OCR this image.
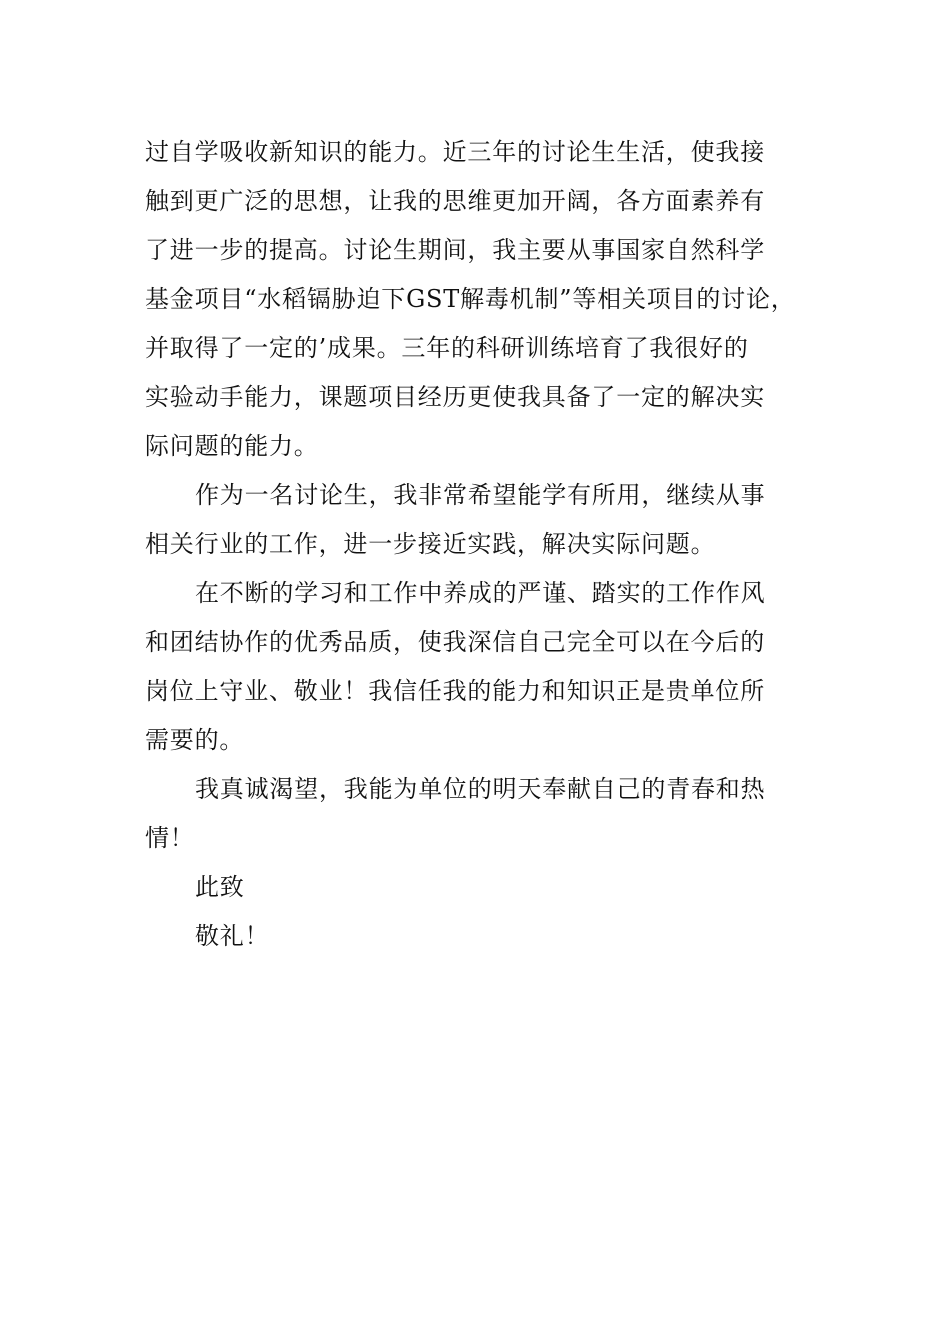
过自学吸收新知识的能力。近三年的讨论生生活，使我接
触到更广泛的思想，让我的思维更加开阔，各方面素养有
了进一步的提高。讨论生期间，我主要从事国家自然科学
基金项目“水稻镉胁迫下GST解毒机制”等相关项目的讨论，
并取得了一定的’成果。三年的科研训练培育了我很好的
实验动手能力，课题项目经历更使我具备了一定的解决实
际问题的能力。
作为一名讨论生，我非常希望能学有所用，继续从事
相关行业的工作，进一步接近实践，解决实际问题。
在不断的学习和工作中养成的严谨、踏实的工作作风
和团结协作的优秀品质，使我深信自己完全可以在今后的
岗位上守业、敬业！我信任我的能力和知识正是贵单位所
需要的。
我真诚渴望，我能为单位的明天奉献自己的青春和热
情！
此致
敬礼！
